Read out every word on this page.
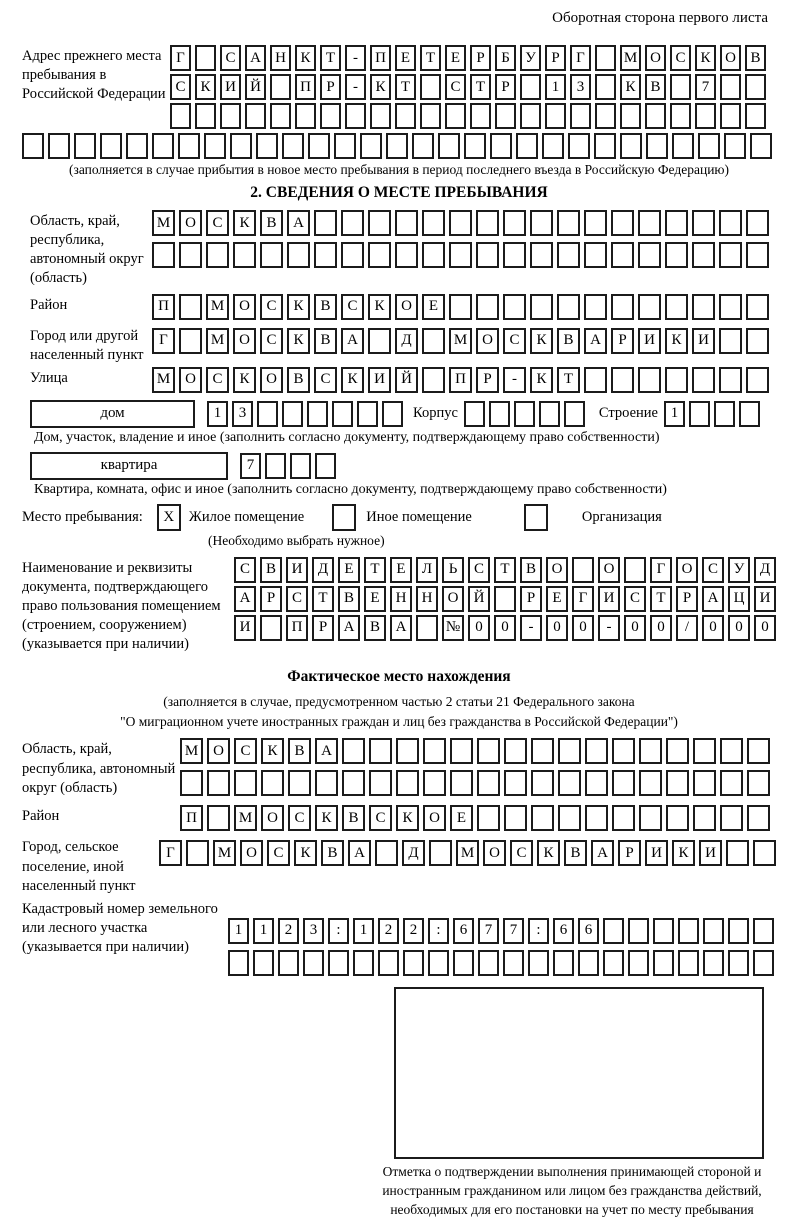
Оборотная сторона первого листа
Адрес прежнего места пребывания в Российской Федерации
Г	С А Н К	Т	-	П Е	Т	Е	Р	Б	У	Р	Г	М О С К О В
С К И Й	П	Р	-	К	Т	С	Т	Р	1	3	К В	7
(заполняется в случае прибытия в новое место пребывания в период последнего въезда в Российскую Федерацию)
2. СВЕДЕНИЯ О МЕСТЕ ПРЕБЫВАНИЯ
Область, край, республика, автономный округ (область)
М О	С	К	В	А
Район	П	М О	С	К	В	С	К	О	Е
Город или другой населенный пункт
Г	М О	С	К	В	А	Д	М О	С	К	В	А	Р	И	К	И
Улица	М О	С	К	О	В	С	К	И	Й	П	Р	-	К	Т
дом	1	3	Корпус	Строение 1
Дом, участок, владение и иное (заполнить согласно документу, подтверждающему право собственности)
квартира	7
Квартира, комната, офис и иное (заполнить согласно документу, подтверждающему право собственности)
Место пребывания:	X	Жилое помещение	Иное помещение	Организация
(Необходимо выбрать нужное)
Наименование и реквизиты документа, подтверждающего право пользования помещением (строением, сооружением) (указывается при наличии)
С	В	И	Д	Е	Т	Е	Л	Ь	С	Т	В	О	О	Г	О	С	У	Д
А	Р	С	Т	В	Е	Н	Н	О	Й	Р	Е	Г	И	С	Т	Р	А	Ц	И
И	П	Р	А	В	А	№	0	0	-	0	0	-	0	0	/	0	0	0
Фактическое место нахождения
(заполняется в случае, предусмотренном частью 2 статьи 21 Федерального закона
"О миграционном учете иностранных граждан и лиц без гражданства в Российской Федерации")
Область, край, республика, автономный округ (область)
М О	С	К	В	А
Район	П	М О	С	К	В	С	К	О	Е
Город, сельское поселение, иной населенный пункт
Г	М О	С	К	В	А	Д	М О	С	К	В	А	Р	И	К	И
Кадастровый номер земельного или лесного участка (указывается при наличии)
1	1	2	3	:	1	2	2	:	6	7	7	:	6	6
Отметка о подтверждении выполнения принимающей стороной и иностранным гражданином или лицом без гражданства действий, необходимых для его постановки на учет по месту пребывания
